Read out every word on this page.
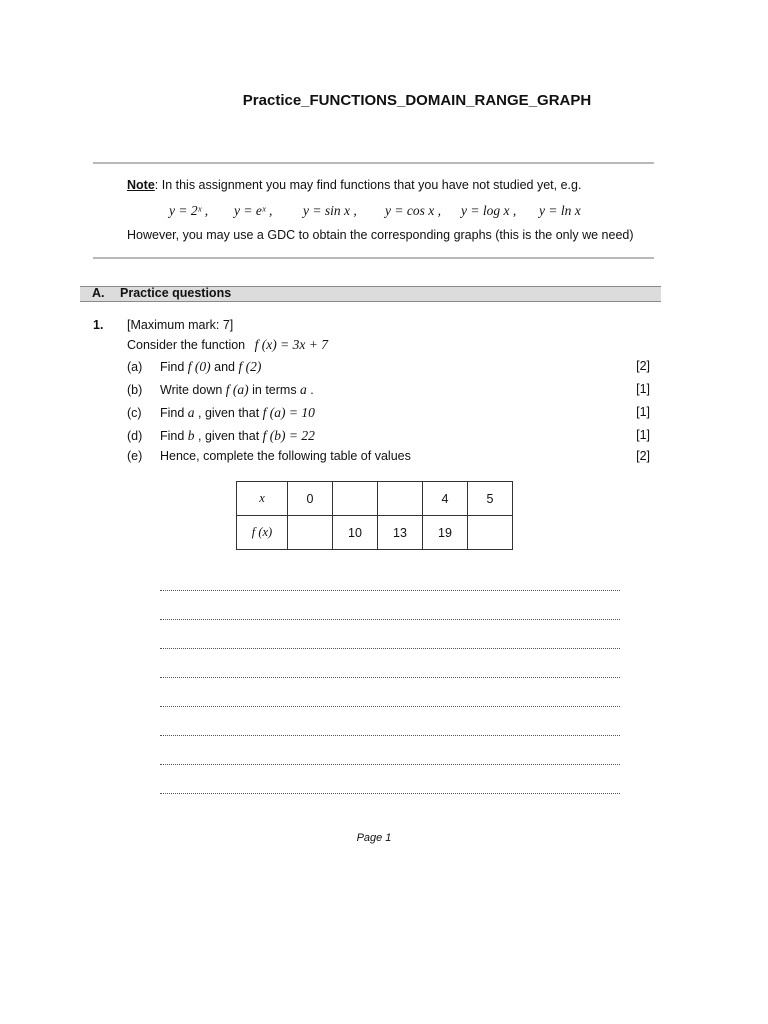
Practice_FUNCTIONS_DOMAIN_RANGE_GRAPH
Note: In this assignment you may find functions that you have not studied yet, e.g.
y = 2ˣ , y = eˣ , y = sin x , y = cos x , y = log x , y = ln x
However, you may use a GDC to obtain the corresponding graphs (this is the only we need)
A. Practice questions
1. [Maximum mark: 7]
Consider the function f (x) = 3x + 7
(a) Find f (0) and f (2)	[2]
(b) Write down f (a) in terms a .	[1]
(c) Find a , given that f (a) = 10	[1]
(d) Find b , given that f (b) = 22	[1]
(e) Hence, complete the following table of values	[2]
x	0			4	5
f (x)		10	13	19	
Page 1
